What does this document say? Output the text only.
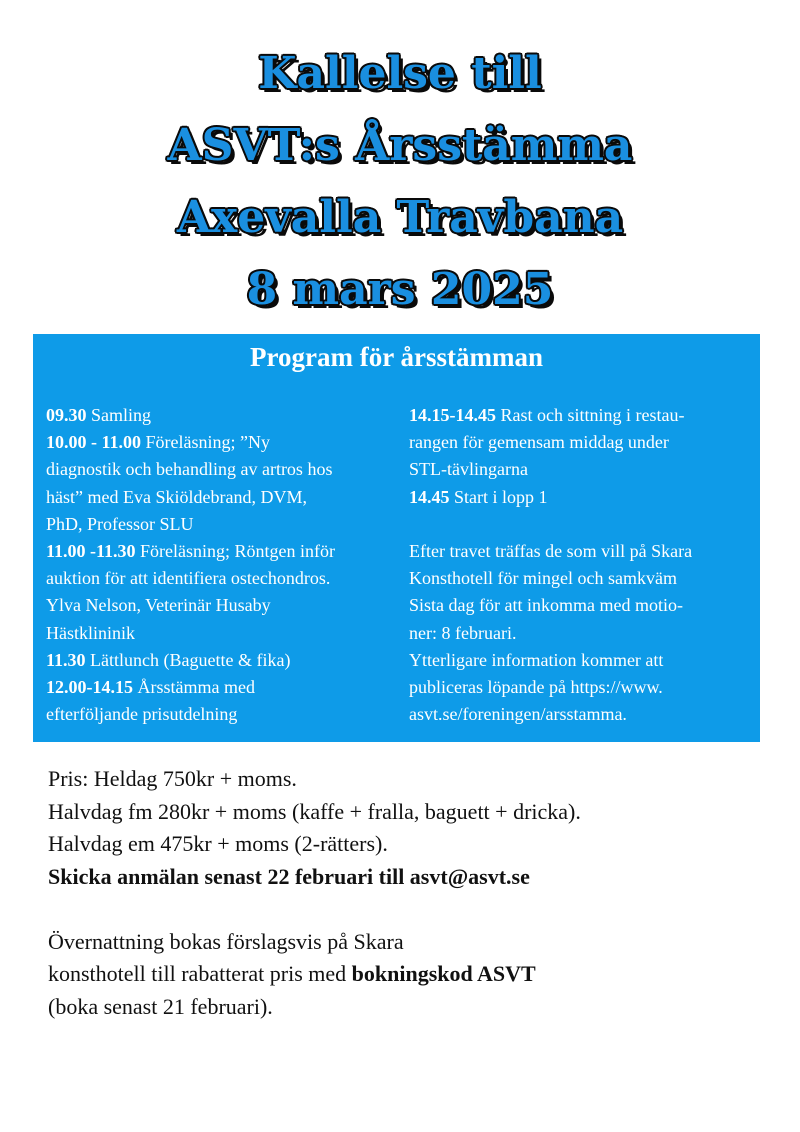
Kallelse till
ASVT:s Årsstämma
Axevalla Travbana
8 mars 2025
Program för årsstämman
09.30 Samling
10.00 - 11.00 Föreläsning; ”Ny
diagnostik och behandling av artros hos
häst” med Eva Skiöldebrand, DVM,
PhD, Professor SLU
11.00 -11.30 Föreläsning; Röntgen inför
auktion för att identifiera ostechondros.
Ylva Nelson, Veterinär Husaby
Hästklininik
11.30 Lättlunch (Baguette & fika)
12.00-14.15 Årsstämma med
efterföljande prisutdelning
14.15-14.45 Rast och sittning i restau-
rangen för gemensam middag under
STL-tävlingarna
14.45 Start i lopp 1
Efter travet träffas de som vill på Skara
Konsthotell för mingel och samkväm
Sista dag för att inkomma med motio-
ner: 8 februari.
Ytterligare information kommer att
publiceras löpande på https://www.
asvt.se/foreningen/arsstamma.
Pris: Heldag 750kr + moms.
Halvdag fm 280kr + moms (kaffe + fralla, baguett + dricka).
Halvdag em 475kr + moms (2-rätters).
Skicka anmälan senast 22 februari till asvt@asvt.se
Övernattning bokas förslagsvis på Skara
konsthotell till rabatterat pris med bokningskod ASVT
(boka senast 21 februari).
